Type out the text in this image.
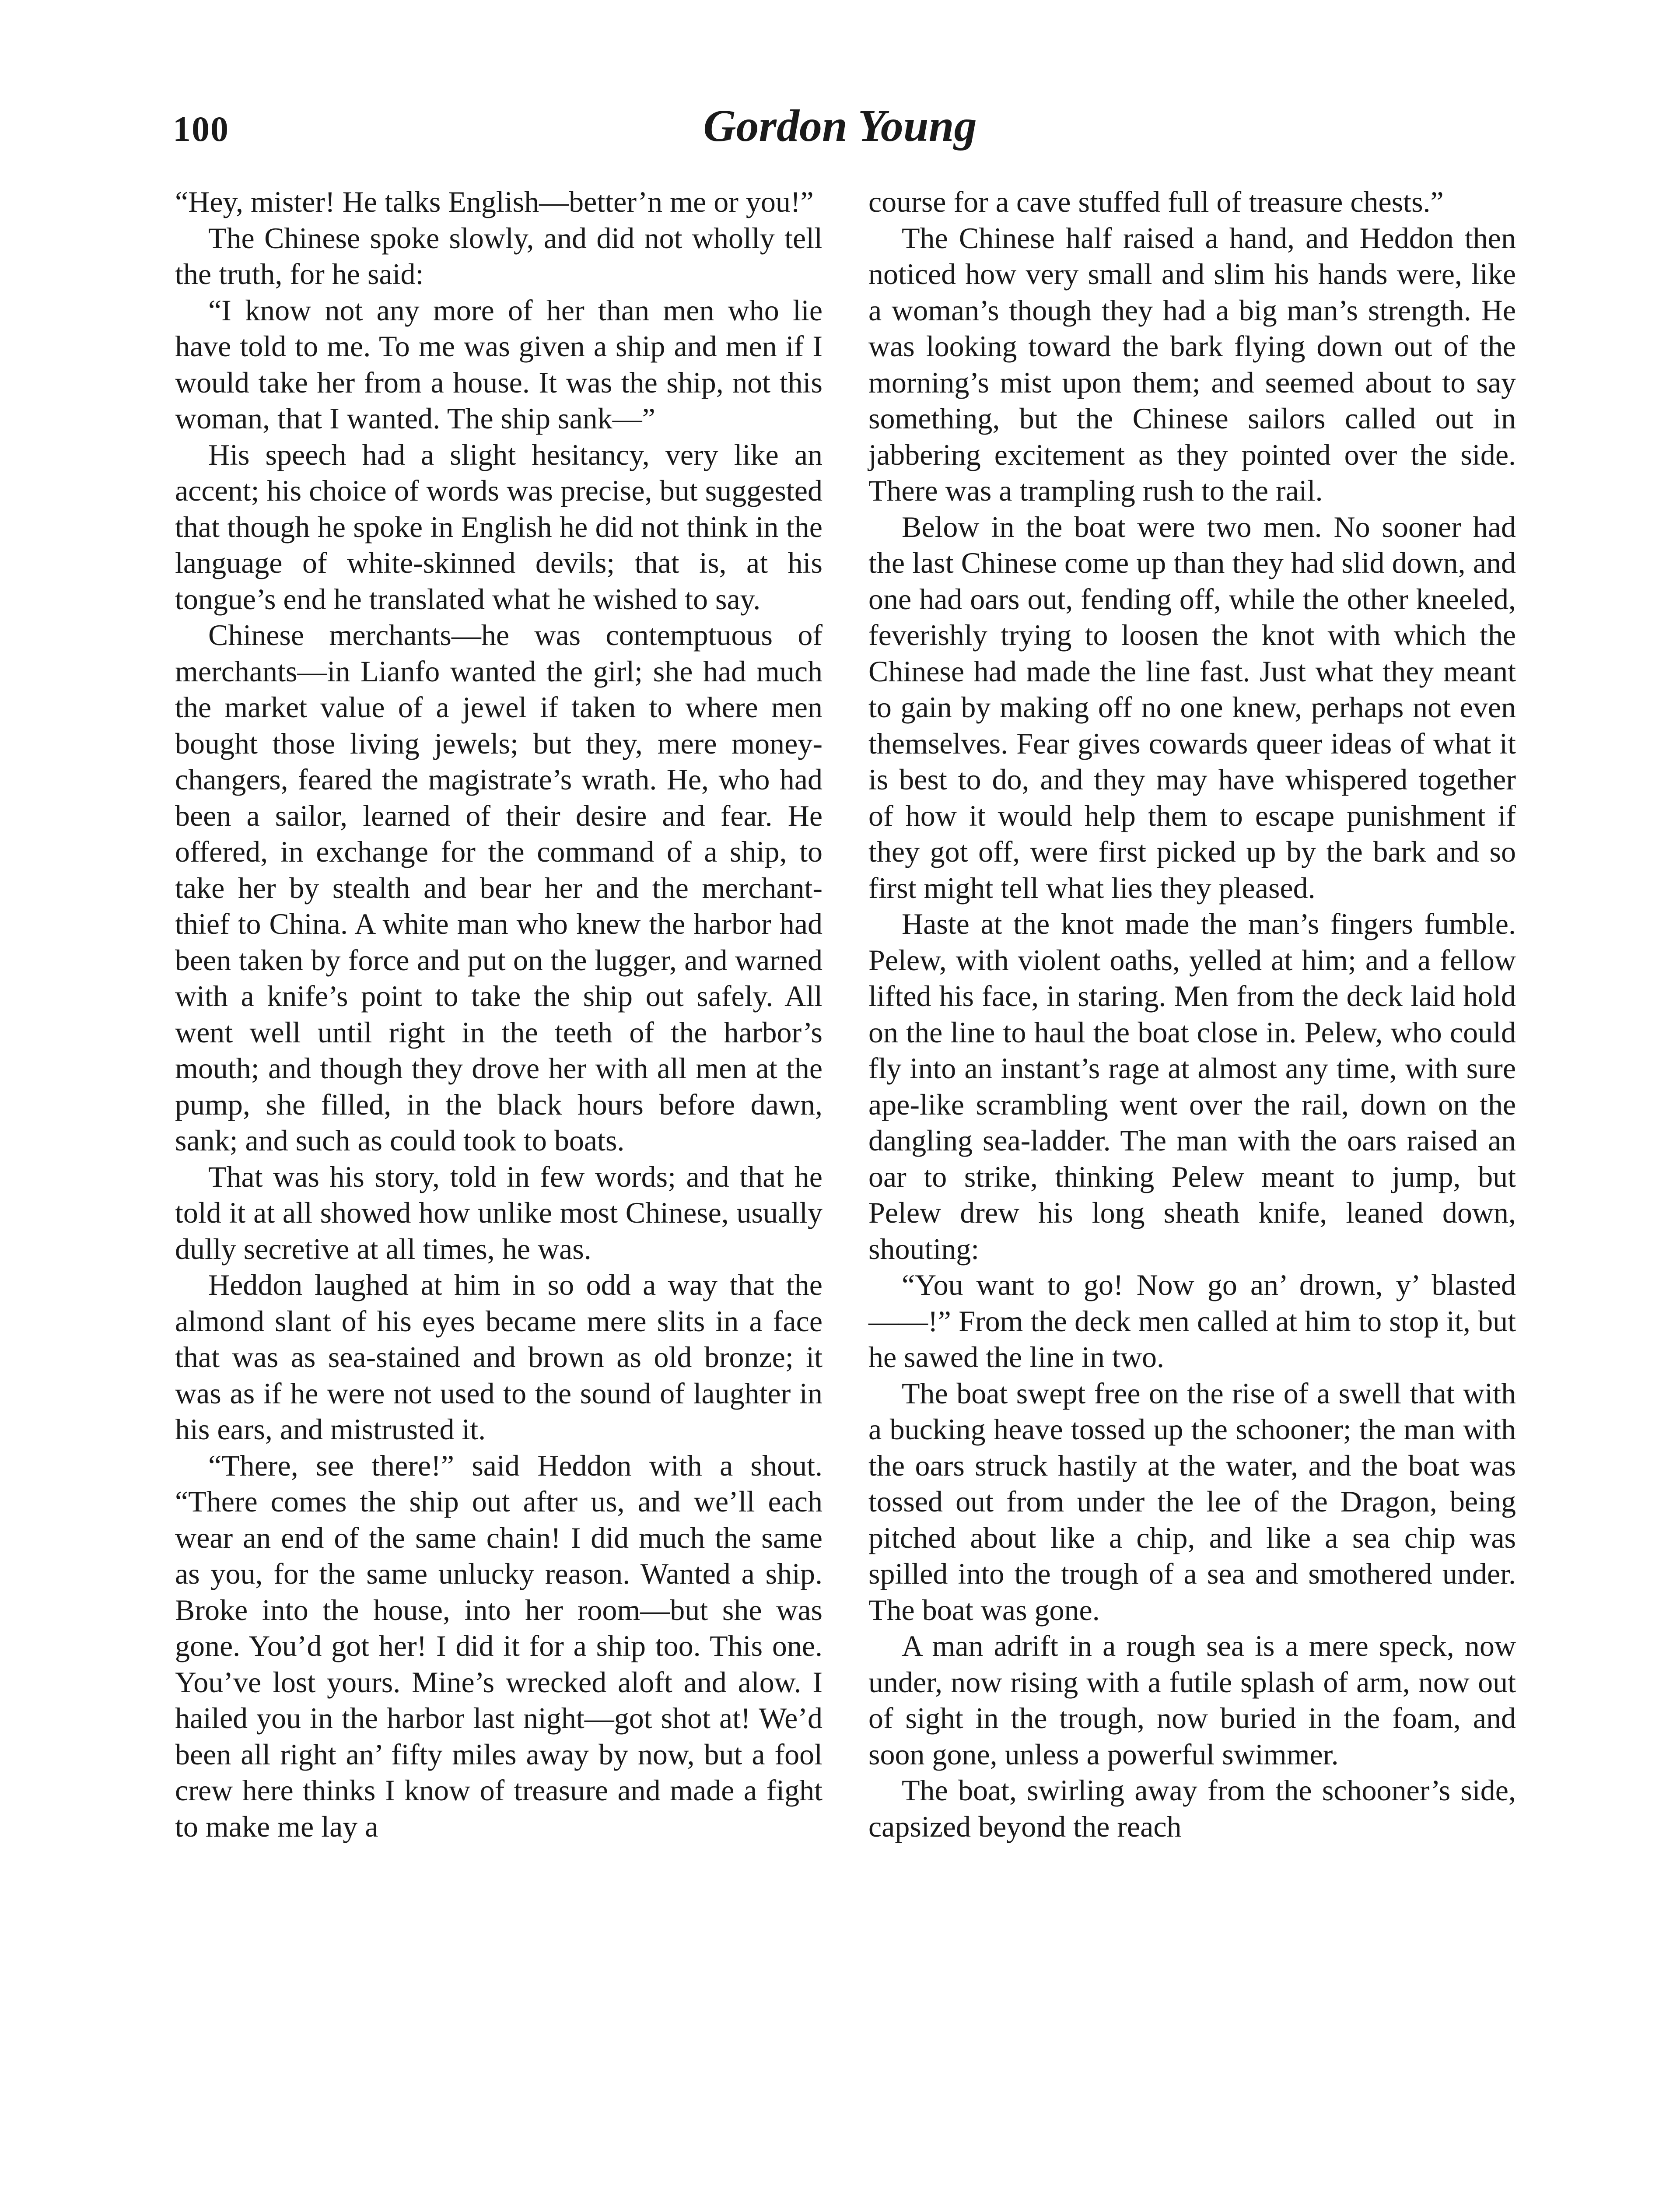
100	Gordon Young

“Hey, mister! He talks English—better’n me or you!”

The Chinese spoke slowly, and did not wholly tell the truth, for he said:

“I know not any more of her than men who lie have told to me. To me was given a ship and men if I would take her from a house. It was the ship, not this woman, that I wanted. The ship sank—”

His speech had a slight hesitancy, very like an accent; his choice of words was precise, but suggested that though he spoke in English he did not think in the language of white-skinned devils; that is, at his tongue’s end he translated what he wished to say.

Chinese merchants—he was contemptuous of merchants—in Lianfo wanted the girl; she had much the market value of a jewel if taken to where men bought those living jewels; but they, mere money-changers, feared the magistrate’s wrath. He, who had been a sailor, learned of their desire and fear. He offered, in exchange for the command of a ship, to take her by stealth and bear her and the merchant-thief to China. A white man who knew the harbor had been taken by force and put on the lugger, and warned with a knife’s point to take the ship out safely. All went well until right in the teeth of the harbor’s mouth; and though they drove her with all men at the pump, she filled, in the black hours before dawn, sank; and such as could took to boats.

That was his story, told in few words; and that he told it at all showed how unlike most Chinese, usually dully secretive at all times, he was.

Heddon laughed at him in so odd a way that the almond slant of his eyes became mere slits in a face that was as sea-stained and brown as old bronze; it was as if he were not used to the sound of laughter in his ears, and mistrusted it.

“There, see there!” said Heddon with a shout. “There comes the ship out after us, and we’ll each wear an end of the same chain! I did much the same as you, for the same unlucky reason. Wanted a ship. Broke into the house, into her room—but she was gone. You’d got her! I did it for a ship too. This one. You’ve lost yours. Mine’s wrecked aloft and alow. I hailed you in the harbor last night—got shot at! We’d been all right an’ fifty miles away by now, but a fool crew here thinks I know of treasure and made a fight to make me lay a

course for a cave stuffed full of treasure chests.”

The Chinese half raised a hand, and Heddon then noticed how very small and slim his hands were, like a woman’s though they had a big man’s strength. He was looking toward the bark flying down out of the morning’s mist upon them; and seemed about to say something, but the Chinese sailors called out in jabbering excitement as they pointed over the side. There was a trampling rush to the rail.

Below in the boat were two men. No sooner had the last Chinese come up than they had slid down, and one had oars out, fending off, while the other kneeled, feverishly trying to loosen the knot with which the Chinese had made the line fast. Just what they meant to gain by making off no one knew, perhaps not even themselves. Fear gives cowards queer ideas of what it is best to do, and they may have whispered together of how it would help them to escape punishment if they got off, were first picked up by the bark and so first might tell what lies they pleased.

Haste at the knot made the man’s fingers fumble. Pelew, with violent oaths, yelled at him; and a fellow lifted his face, in staring. Men from the deck laid hold on the line to haul the boat close in. Pelew, who could fly into an instant’s rage at almost any time, with sure ape-like scrambling went over the rail, down on the dangling sea-ladder. The man with the oars raised an oar to strike, thinking Pelew meant to jump, but Pelew drew his long sheath knife, leaned down, shouting:

“You want to go! Now go an’ drown, y’ blasted——!” From the deck men called at him to stop it, but he sawed the line in two.

The boat swept free on the rise of a swell that with a bucking heave tossed up the schooner; the man with the oars struck hastily at the water, and the boat was tossed out from under the lee of the Dragon, being pitched about like a chip, and like a sea chip was spilled into the trough of a sea and smothered under. The boat was gone.

A man adrift in a rough sea is a mere speck, now under, now rising with a futile splash of arm, now out of sight in the trough, now buried in the foam, and soon gone, unless a powerful swimmer.

The boat, swirling away from the schooner’s side, capsized beyond the reach
